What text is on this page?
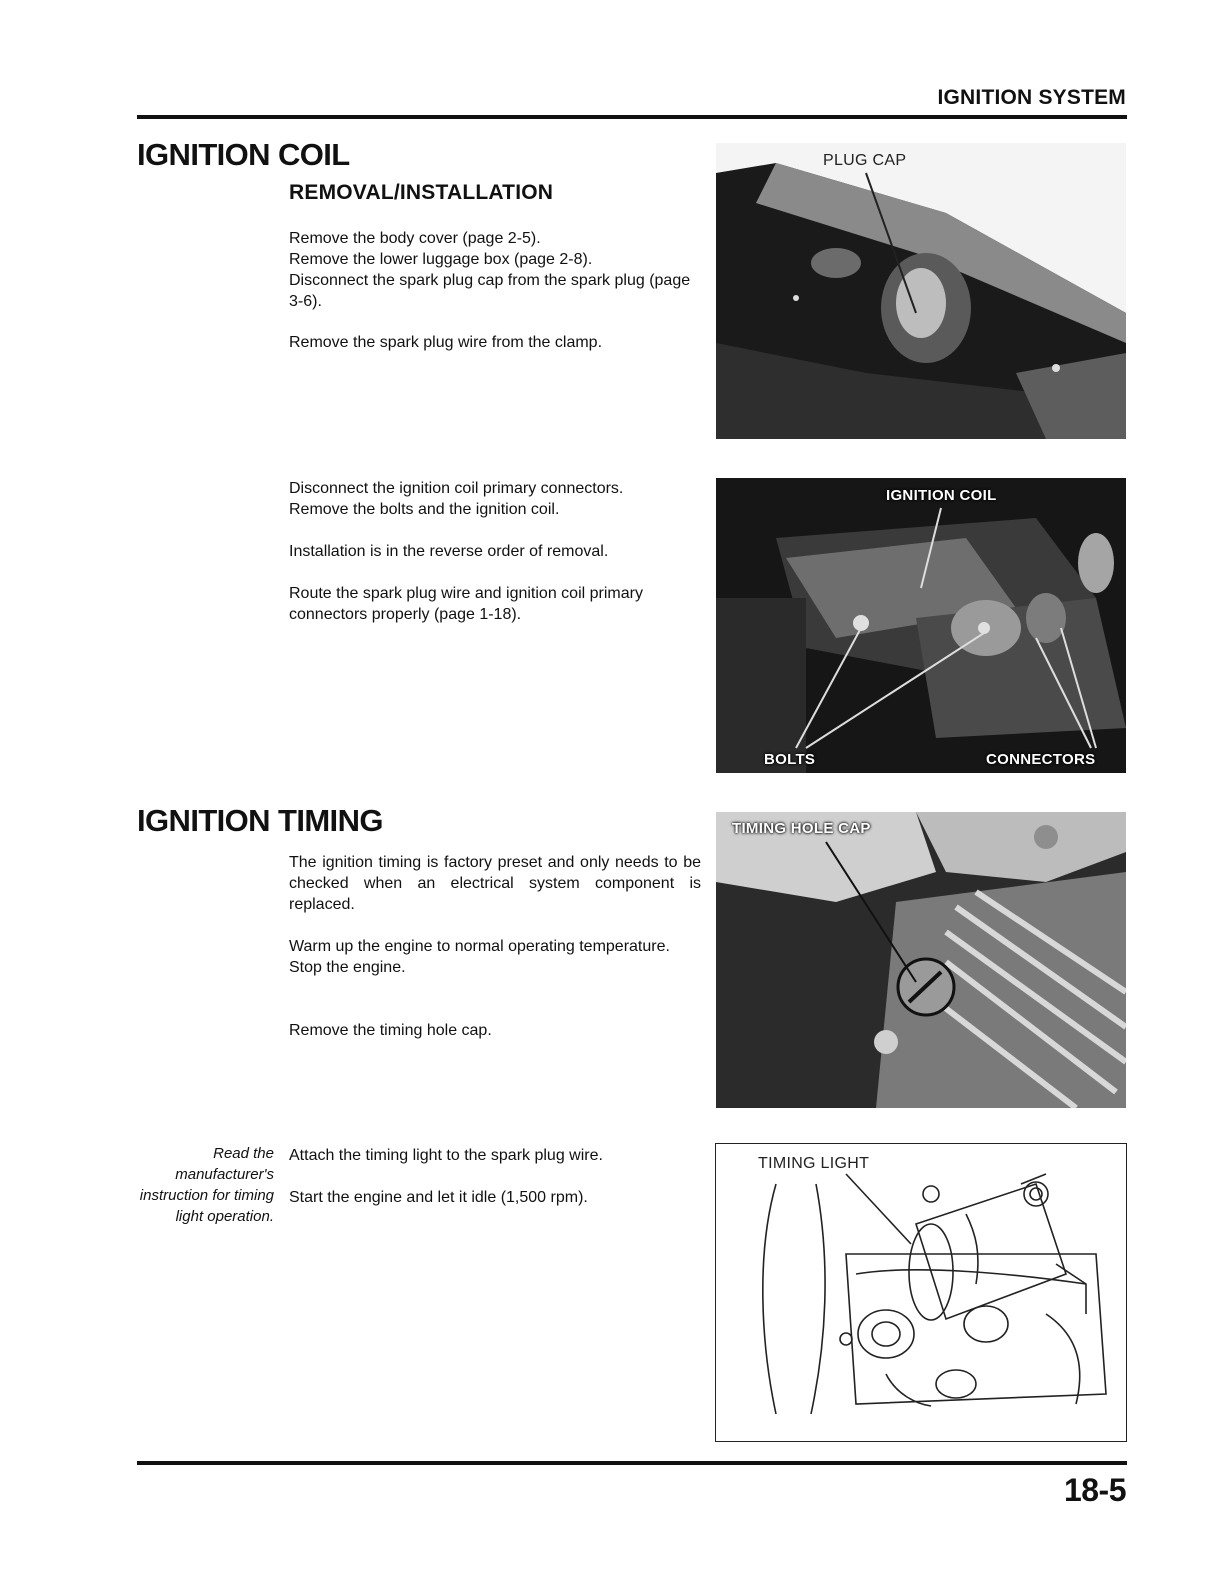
IGNITION SYSTEM
IGNITION COIL
REMOVAL/INSTALLATION

Remove the body cover (page 2-5).

Remove the lower luggage box (page 2-8).

Disconnect the spark plug cap from the spark plug (page 3-6).

Remove the spark plug wire from the clamp.

Disconnect the ignition coil primary connectors.

Remove the bolts and the ignition coil.

Installation is in the reverse order of removal.

Route the spark plug wire and ignition coil primary connectors properly (page 1-18).

PLUG CAP
IGNITION COIL
BOLTS	CONNECTORS
IGNITION TIMING

The ignition timing is factory preset and only needs to be checked when an electrical system component is replaced.

Warm up the engine to normal operating temperature.

Stop the engine.

Remove the timing hole cap.

TIMING HOLE CAP
Read the manufacturer's instruction for timing light operation.

Attach the timing light to the spark plug wire.

Start the engine and let it idle (1,500 rpm).

TIMING LIGHT
18-5
